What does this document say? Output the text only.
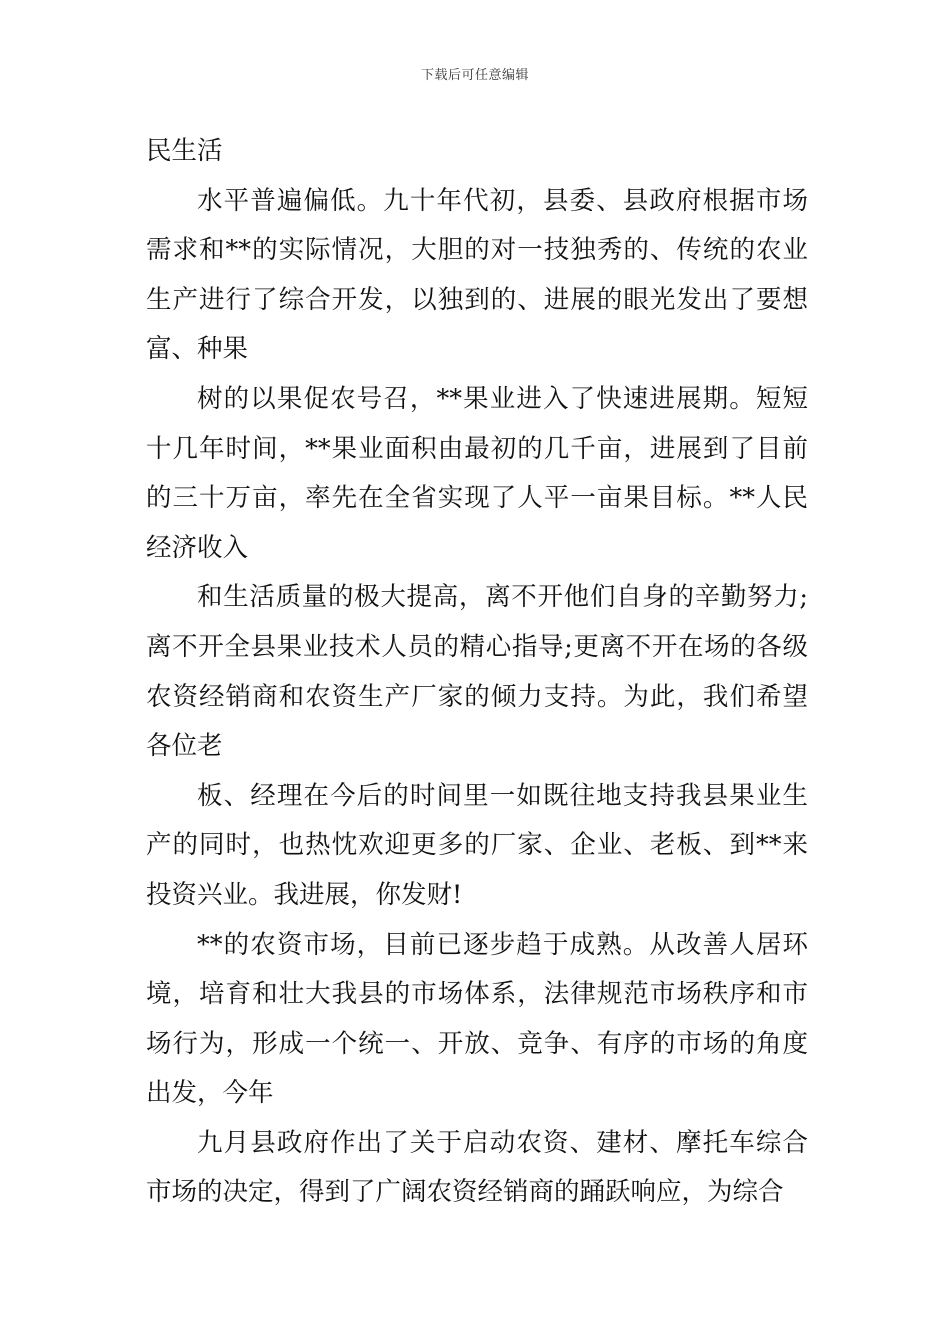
下载后可任意编辑

民生活

水平普遍偏低。九十年代初，县委、县政府根据市场需求和**的实际情况，大胆的对一技独秀的、传统的农业生产进行了综合开发，以独到的、进展的眼光发出了要想富、种果

树的以果促农号召，**果业进入了快速进展期。短短十几年时间，**果业面积由最初的几千亩，进展到了目前的三十万亩，率先在全省实现了人平一亩果目标。**人民经济收入

和生活质量的极大提高，离不开他们自身的辛勤努力;离不开全县果业技术人员的精心指导;更离不开在场的各级农资经销商和农资生产厂家的倾力支持。为此，我们希望各位老

板、经理在今后的时间里一如既往地支持我县果业生产的同时，也热忱欢迎更多的厂家、企业、老板、到**来投资兴业。我进展，你发财!

**的农资市场，目前已逐步趋于成熟。从改善人居环境，培育和壮大我县的市场体系，法律规范市场秩序和市场行为，形成一个统一、开放、竞争、有序的市场的角度出发，今年

九月县政府作出了关于启动农资、建材、摩托车综合市场的决定，得到了广阔农资经销商的踊跃响应，为综合
